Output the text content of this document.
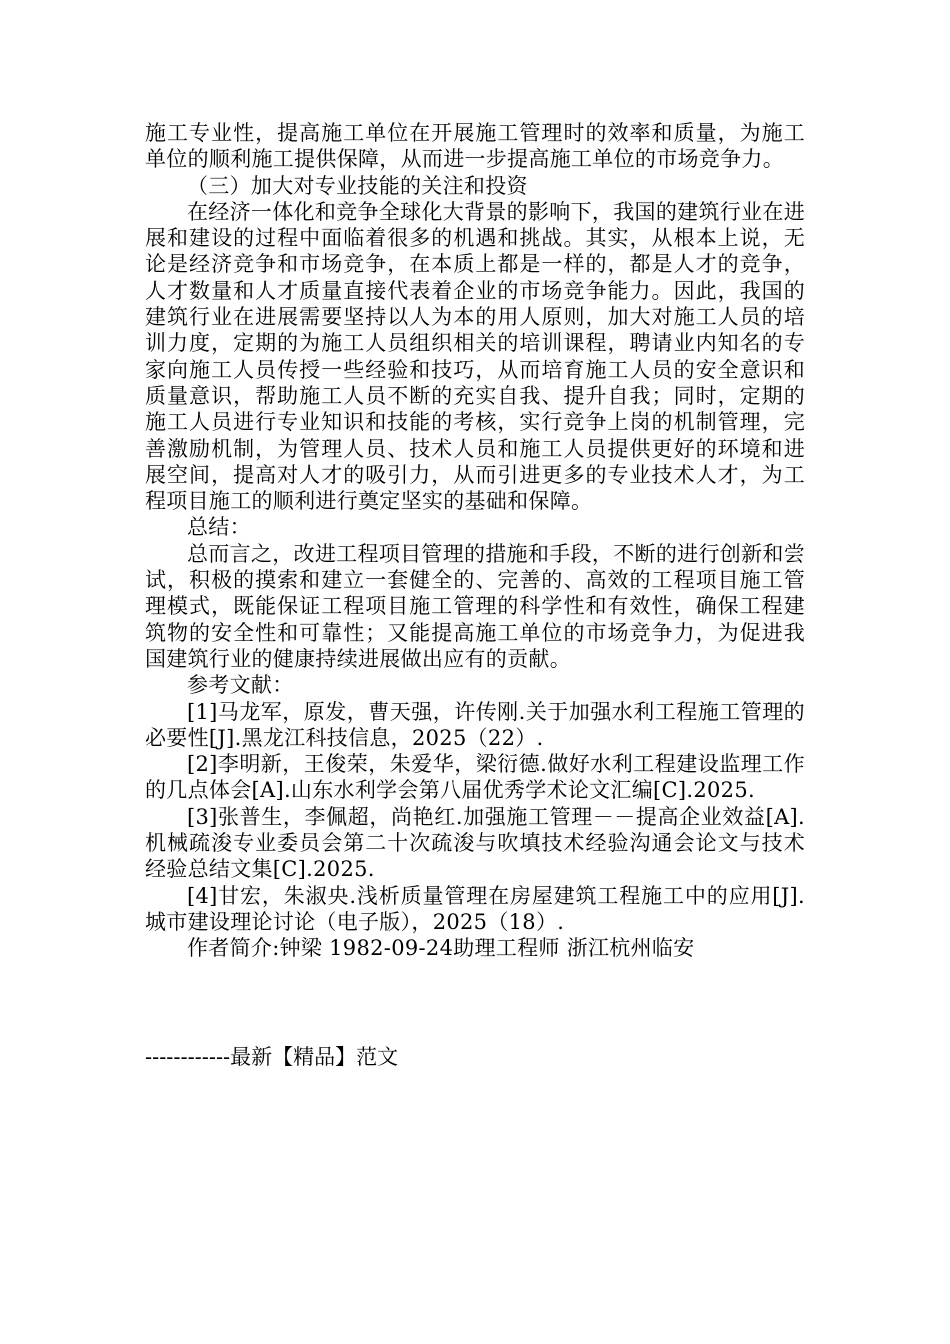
施工专业性，提高施工单位在开展施工管理时的效率和质量，为施工单位的顺利施工提供保障，从而进一步提高施工单位的市场竞争力。

（三）加大对专业技能的关注和投资

在经济一体化和竞争全球化大背景的影响下，我国的建筑行业在进展和建设的过程中面临着很多的机遇和挑战。其实，从根本上说，无论是经济竞争和市场竞争，在本质上都是一样的，都是人才的竞争，人才数量和人才质量直接代表着企业的市场竞争能力。因此，我国的建筑行业在进展需要坚持以人为本的用人原则，加大对施工人员的培训力度，定期的为施工人员组织相关的培训课程，聘请业内知名的专家向施工人员传授一些经验和技巧，从而培育施工人员的安全意识和质量意识，帮助施工人员不断的充实自我、提升自我；同时，定期的施工人员进行专业知识和技能的考核，实行竞争上岗的机制管理，完善激励机制，为管理人员、技术人员和施工人员提供更好的环境和进展空间，提高对人才的吸引力，从而引进更多的专业技术人才，为工程项目施工的顺利进行奠定坚实的基础和保障。

总结：

总而言之，改进工程项目管理的措施和手段，不断的进行创新和尝试，积极的摸索和建立一套健全的、完善的、高效的工程项目施工管理模式，既能保证工程项目施工管理的科学性和有效性，确保工程建筑物的安全性和可靠性；又能提高施工单位的市场竞争力，为促进我国建筑行业的健康持续进展做出应有的贡献。

参考文献：

[1]马龙军，原发，曹天强，许传刚.关于加强水利工程施工管理的必要性[J].黑龙江科技信息，2025（22）.

[2]李明新，王俊荣，朱爱华，梁衍德.做好水利工程建设监理工作的几点体会[A].山东水利学会第八届优秀学术论文汇编[C].2025.

[3]张普生，李佩超，尚艳红.加强施工管理－－提高企业效益[A].机械疏浚专业委员会第二十次疏浚与吹填技术经验沟通会论文与技术经验总结文集[C].2025.

[4]甘宏，朱淑央.浅析质量管理在房屋建筑工程施工中的应用[J].城市建设理论讨论（电子版），2025（18）.

作者简介:钟梁 1982-09-24助理工程师 浙江杭州临安

------------最新【精品】范文
